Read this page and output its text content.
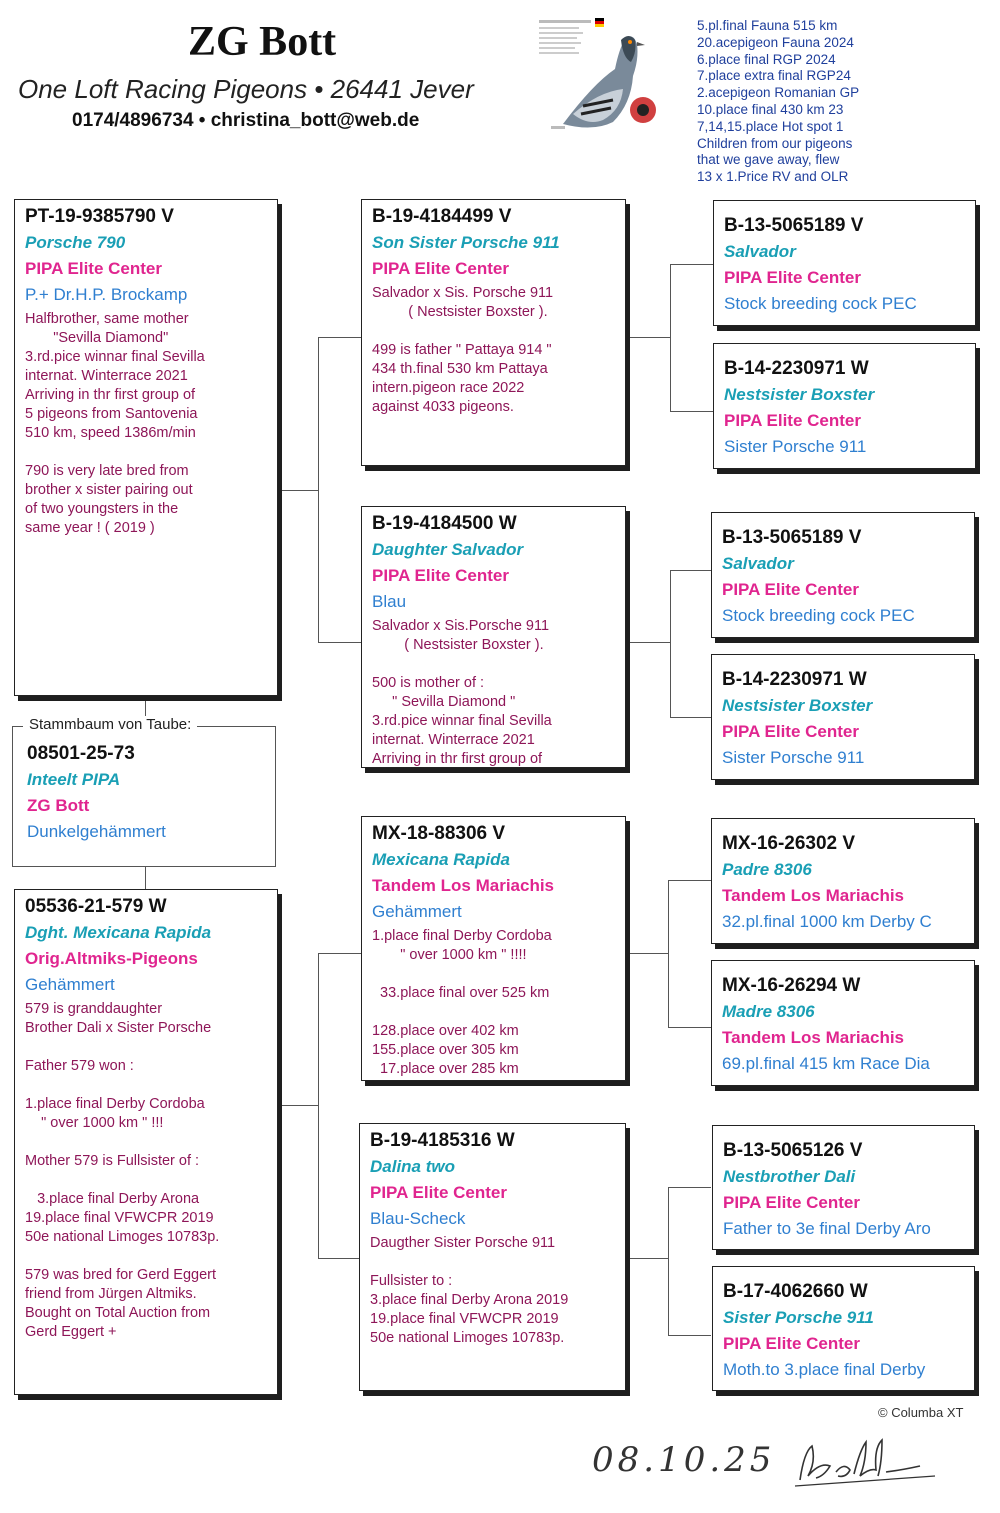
ZG Bott
One Loft Racing Pigeons • 26441 Jever
0174/4896734 • christina_bott@web.de
5.pl.final Fauna 515 km
20.acepigeon Fauna 2024
6.place final RGP 2024
7.place extra final RGP24
2.acepigeon Romanian GP
10.place final 430 km 23
7,14,15.place Hot spot 1
Children from our pigeons
that we gave away, flew
13 x 1.Price RV and OLR
PT-19-9385790 V
Porsche 790
PIPA Elite Center
P.+ Dr.H.P. Brockamp
Halfbrother, same mother
"Sevilla Diamond"
3.rd.pice winnar final Sevilla
internat. Winterrace 2021
Arriving in thr first group of
5 pigeons from Santovenia
510 km, speed 1386m/min

790 is very late bred from
brother x sister pairing out
of two youngsters in the
same year ! ( 2019 )
Stammbaum von Taube:
08501-25-73
Inteelt PIPA
ZG Bott
Dunkelgehämmert
05536-21-579 W
Dght. Mexicana Rapida
Orig.Altmiks-Pigeons
Gehämmert
579 is granddaughter
Brother Dali x Sister Porsche

Father 579 won :

1.place final Derby Cordoba
" over 1000 km " !!!

Mother 579 is Fullsister of :

3.place final Derby Arona
19.place final VFWCPR 2019
50e national Limoges 10783p.

579 was bred for Gerd Eggert
friend from Jürgen Altmiks.
Bought on Total Auction from
Gerd Eggert +
B-19-4184499 V
Son Sister Porsche 911
PIPA Elite Center
Salvador x Sis. Porsche 911
( Nestsister Boxster ).

499 is father " Pattaya 914 "
434 th.final 530 km Pattaya
intern.pigeon race 2022
against 4033 pigeons.
B-19-4184500 W
Daughter Salvador
PIPA Elite Center
Blau
Salvador x Sis.Porsche 911
( Nestsister Boxster ).

500 is mother of :
" Sevilla Diamond "
3.rd.pice winnar final Sevilla
internat. Winterrace 2021
Arriving in thr first group of
MX-18-88306 V
Mexicana Rapida
Tandem Los Mariachis
Gehämmert
1.place final Derby Cordoba
" over 1000 km " !!!!

33.place final over 525 km

128.place over 402 km
155.place over 305 km
17.place over 285 km
B-19-4185316 W
Dalina two
PIPA Elite Center
Blau-Scheck
Daugther Sister Porsche 911

Fullsister to :
3.place final Derby Arona 2019
19.place final VFWCPR 2019
50e national Limoges 10783p.
B-13-5065189 V
Salvador
PIPA Elite Center
Stock breeding cock PEC
B-14-2230971 W
Nestsister Boxster
PIPA Elite Center
Sister Porsche 911
B-13-5065189 V
Salvador
PIPA Elite Center
Stock breeding cock PEC
B-14-2230971 W
Nestsister Boxster
PIPA Elite Center
Sister Porsche 911
MX-16-26302 V
Padre 8306
Tandem Los Mariachis
32.pl.final 1000 km Derby C
MX-16-26294 W
Madre 8306
Tandem Los Mariachis
69.pl.final 415 km Race Dia
B-13-5065126 V
Nestbrother Dali
PIPA Elite Center
Father to 3e final Derby Aro
B-17-4062660 W
Sister Porsche 911
PIPA Elite Center
Moth.to 3.place final Derby
© Columba XT
08.10.25
